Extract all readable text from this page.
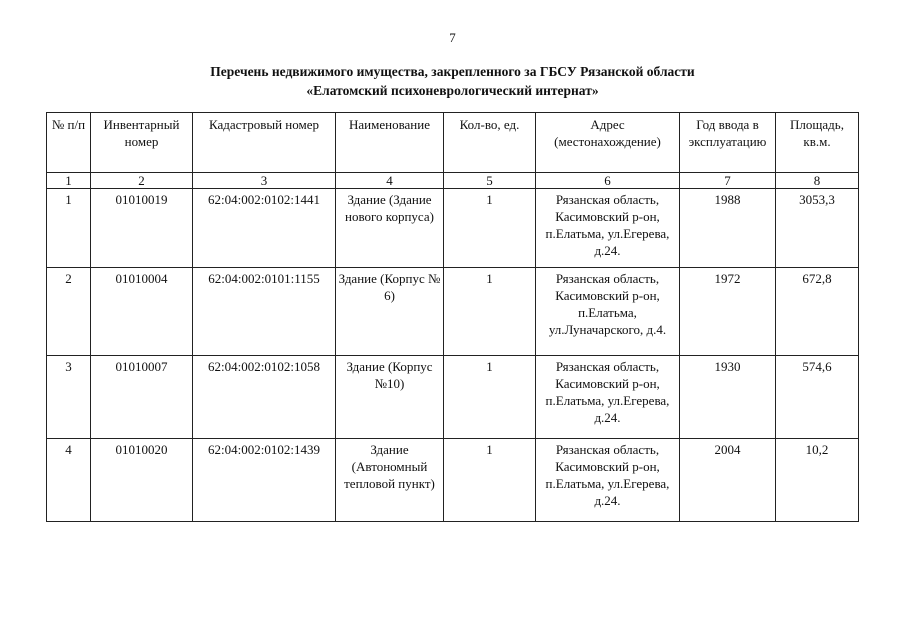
7
Перечень недвижимого имущества, закрепленного за ГБСУ Рязанской области
«Елатомский психоневрологический интернат»
№ п/п	Инвентарный номер	Кадастровый номер	Наименование	Кол-во, ед.	Адрес (местонахождение)	Год ввода в эксплуатацию	Площадь, кв.м.
1	2	3	4	5	6	7	8
1	01010019	62:04:002:0102:1441	Здание (Здание нового корпуса)	1	Рязанская область, Касимовский р-он, п.Елатьма, ул.Егерева, д.24.	1988	3053,3
2	01010004	62:04:002:0101:1155	Здание (Корпус № 6)	1	Рязанская область, Касимовский р-он, п.Елатьма, ул.Луначарского, д.4.	1972	672,8
3	01010007	62:04:002:0102:1058	Здание (Корпус №10)	1	Рязанская область, Касимовский р-он, п.Елатьма, ул.Егерева, д.24.	1930	574,6
4	01010020	62:04:002:0102:1439	Здание (Автономный тепловой пункт)	1	Рязанская область, Касимовский р-он, п.Елатьма, ул.Егерева, д.24.	2004	10,2
